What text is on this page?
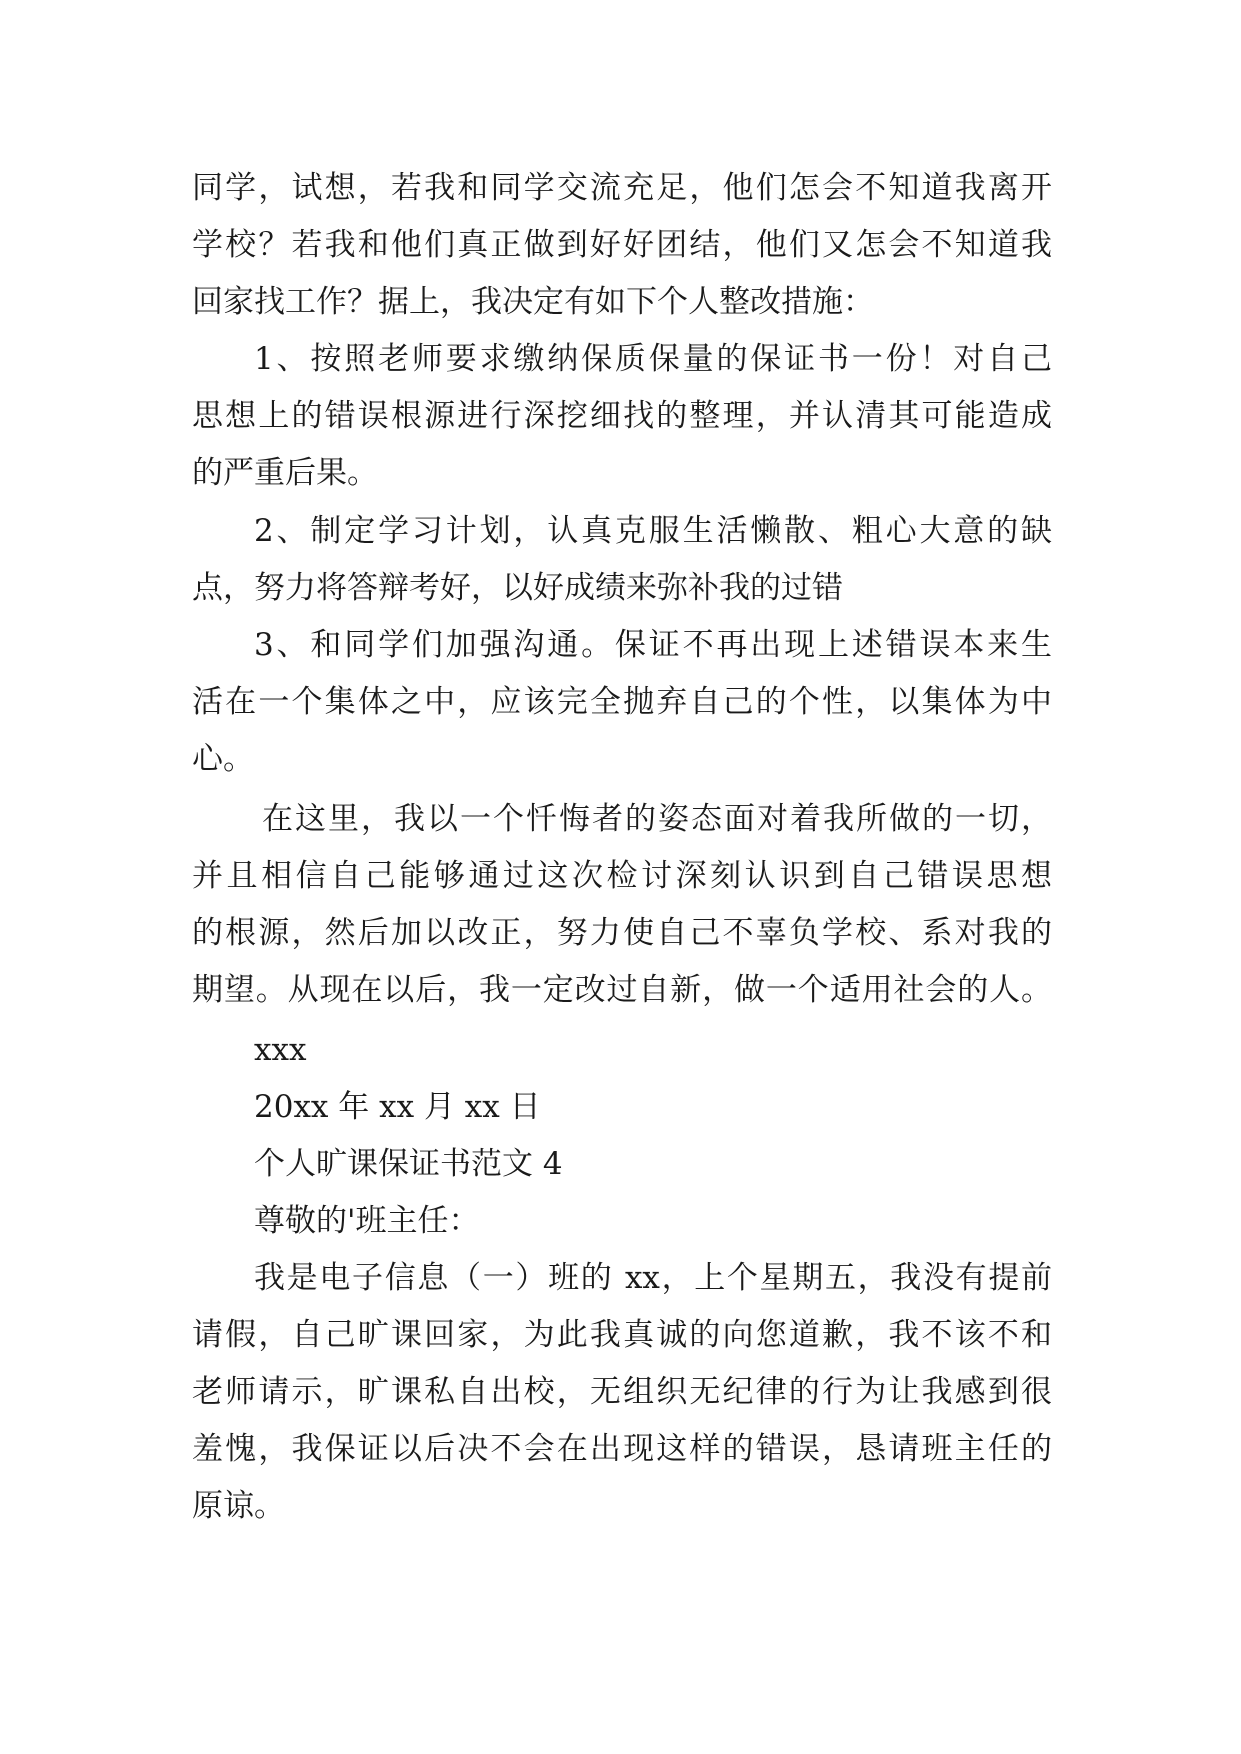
同学，试想，若我和同学交流充足，他们怎会不知道我离开

学校？若我和他们真正做到好好团结，他们又怎会不知道我

回家找工作？据上，我决定有如下个人整改措施：

1、按照老师要求缴纳保质保量的保证书一份！对自己

思想上的错误根源进行深挖细找的整理，并认清其可能造成

的严重后果。

2、制定学习计划，认真克服生活懒散、粗心大意的缺

点，努力将答辩考好，以好成绩来弥补我的过错

3、和同学们加强沟通。保证不再出现上述错误本来生

活在一个集体之中，应该完全抛弃自己的个性，以集体为中

心。

在这里，我以一个忏悔者的姿态面对着我所做的一切，

并且相信自己能够通过这次检讨深刻认识到自己错误思想

的根源，然后加以改正，努力使自己不辜负学校、系对我的

期望。从现在以后，我一定改过自新，做一个适用社会的人。

xxx

20xx 年 xx 月 xx 日

个人旷课保证书范文 4

尊敬的'班主任：

我是电子信息（一）班的 xx，上个星期五，我没有提前

请假，自己旷课回家，为此我真诚的向您道歉，我不该不和

老师请示，旷课私自出校，无组织无纪律的行为让我感到很

羞愧，我保证以后决不会在出现这样的错误，恳请班主任的

原谅。
